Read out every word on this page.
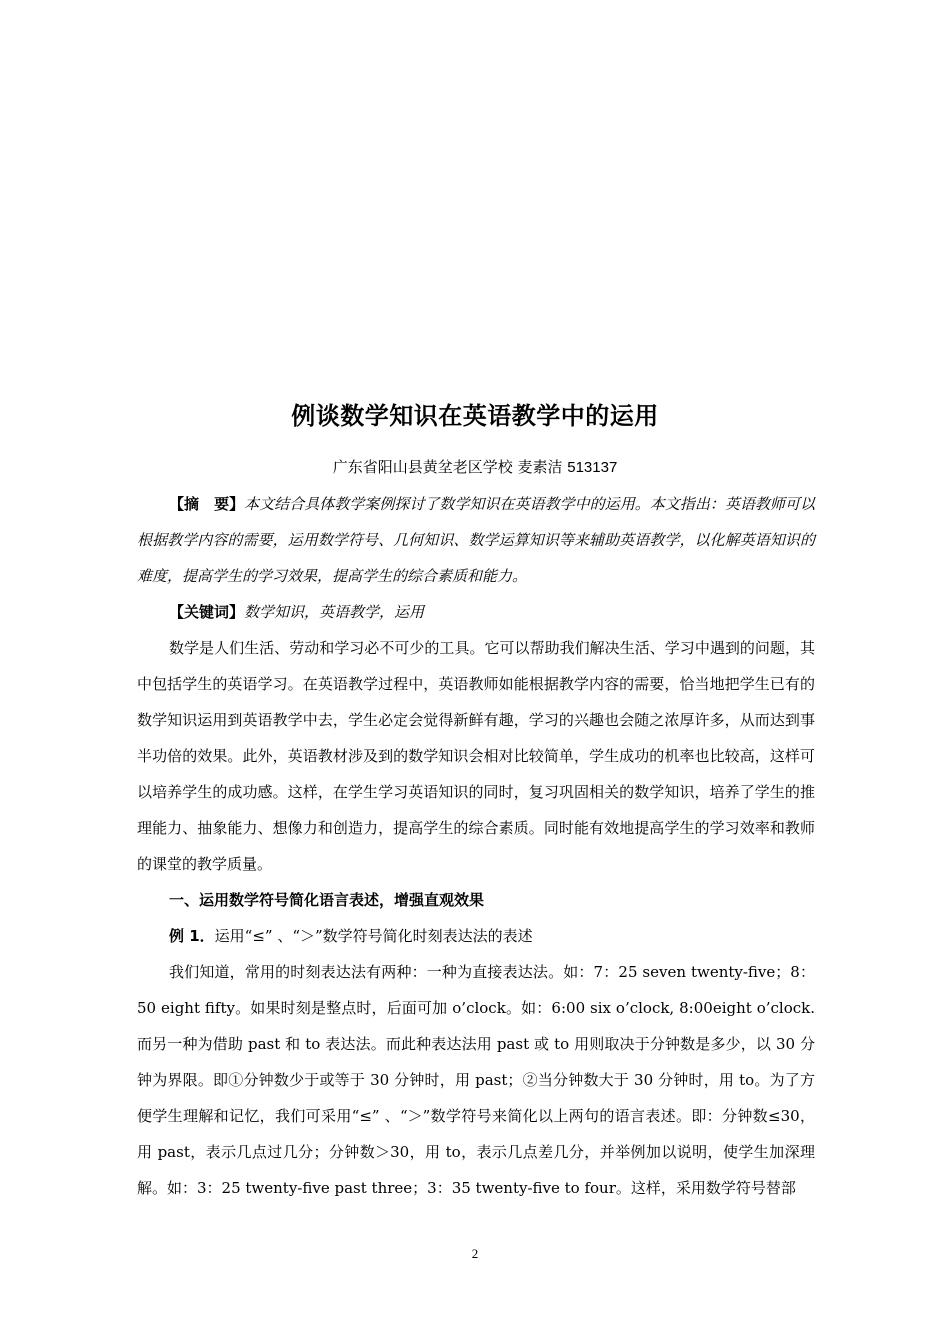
例谈数学知识在英语教学中的运用
广东省阳山县黄坌老区学校 麦素洁 513137

【摘　要】本文结合具体教学案例探讨了数学知识在英语教学中的运用。本文指出：英语教师可以根据教学内容的需要，运用数学符号、几何知识、数学运算知识等来辅助英语教学，以化解英语知识的难度，提高学生的学习效果，提高学生的综合素质和能力。

【关键词】数学知识，英语教学，运用

数学是人们生活、劳动和学习必不可少的工具。它可以帮助我们解决生活、学习中遇到的问题，其中包括学生的英语学习。在英语教学过程中，英语教师如能根据教学内容的需要，恰当地把学生已有的数学知识运用到英语教学中去，学生必定会觉得新鲜有趣，学习的兴趣也会随之浓厚许多，从而达到事半功倍的效果。此外，英语教材涉及到的数学知识会相对比较简单，学生成功的机率也比较高，这样可以培养学生的成功感。这样，在学生学习英语知识的同时，复习巩固相关的数学知识，培养了学生的推理能力、抽象能力、想像力和创造力，提高学生的综合素质。同时能有效地提高学生的学习效率和教师的课堂的教学质量。

一、运用数学符号简化语言表述，增强直观效果

例 1．运用“≤” 、“＞”数学符号简化时刻表达法的表述

我们知道，常用的时刻表达法有两种：一种为直接表达法。如：7：25 seven twenty-five；8：50 eight fifty。如果时刻是整点时，后面可加 o’clock。如：6:00 six o’clock, 8:00eight o’clock.而另一种为借助 past 和 to 表达法。而此种表达法用 past 或 to 用则取决于分钟数是多少，以 30 分钟为界限。即①分钟数少于或等于 30 分钟时，用 past；②当分钟数大于 30 分钟时，用 to。为了方便学生理解和记忆，我们可采用“≤” 、“＞”数学符号来简化以上两句的语言表述。即：分钟数≤30，用 past，表示几点过几分；分钟数＞30，用 to，表示几点差几分，并举例加以说明，使学生加深理解。如：3：25 twenty-five past three；3：35 twenty-five to four。这样，采用数学符号替部

2
